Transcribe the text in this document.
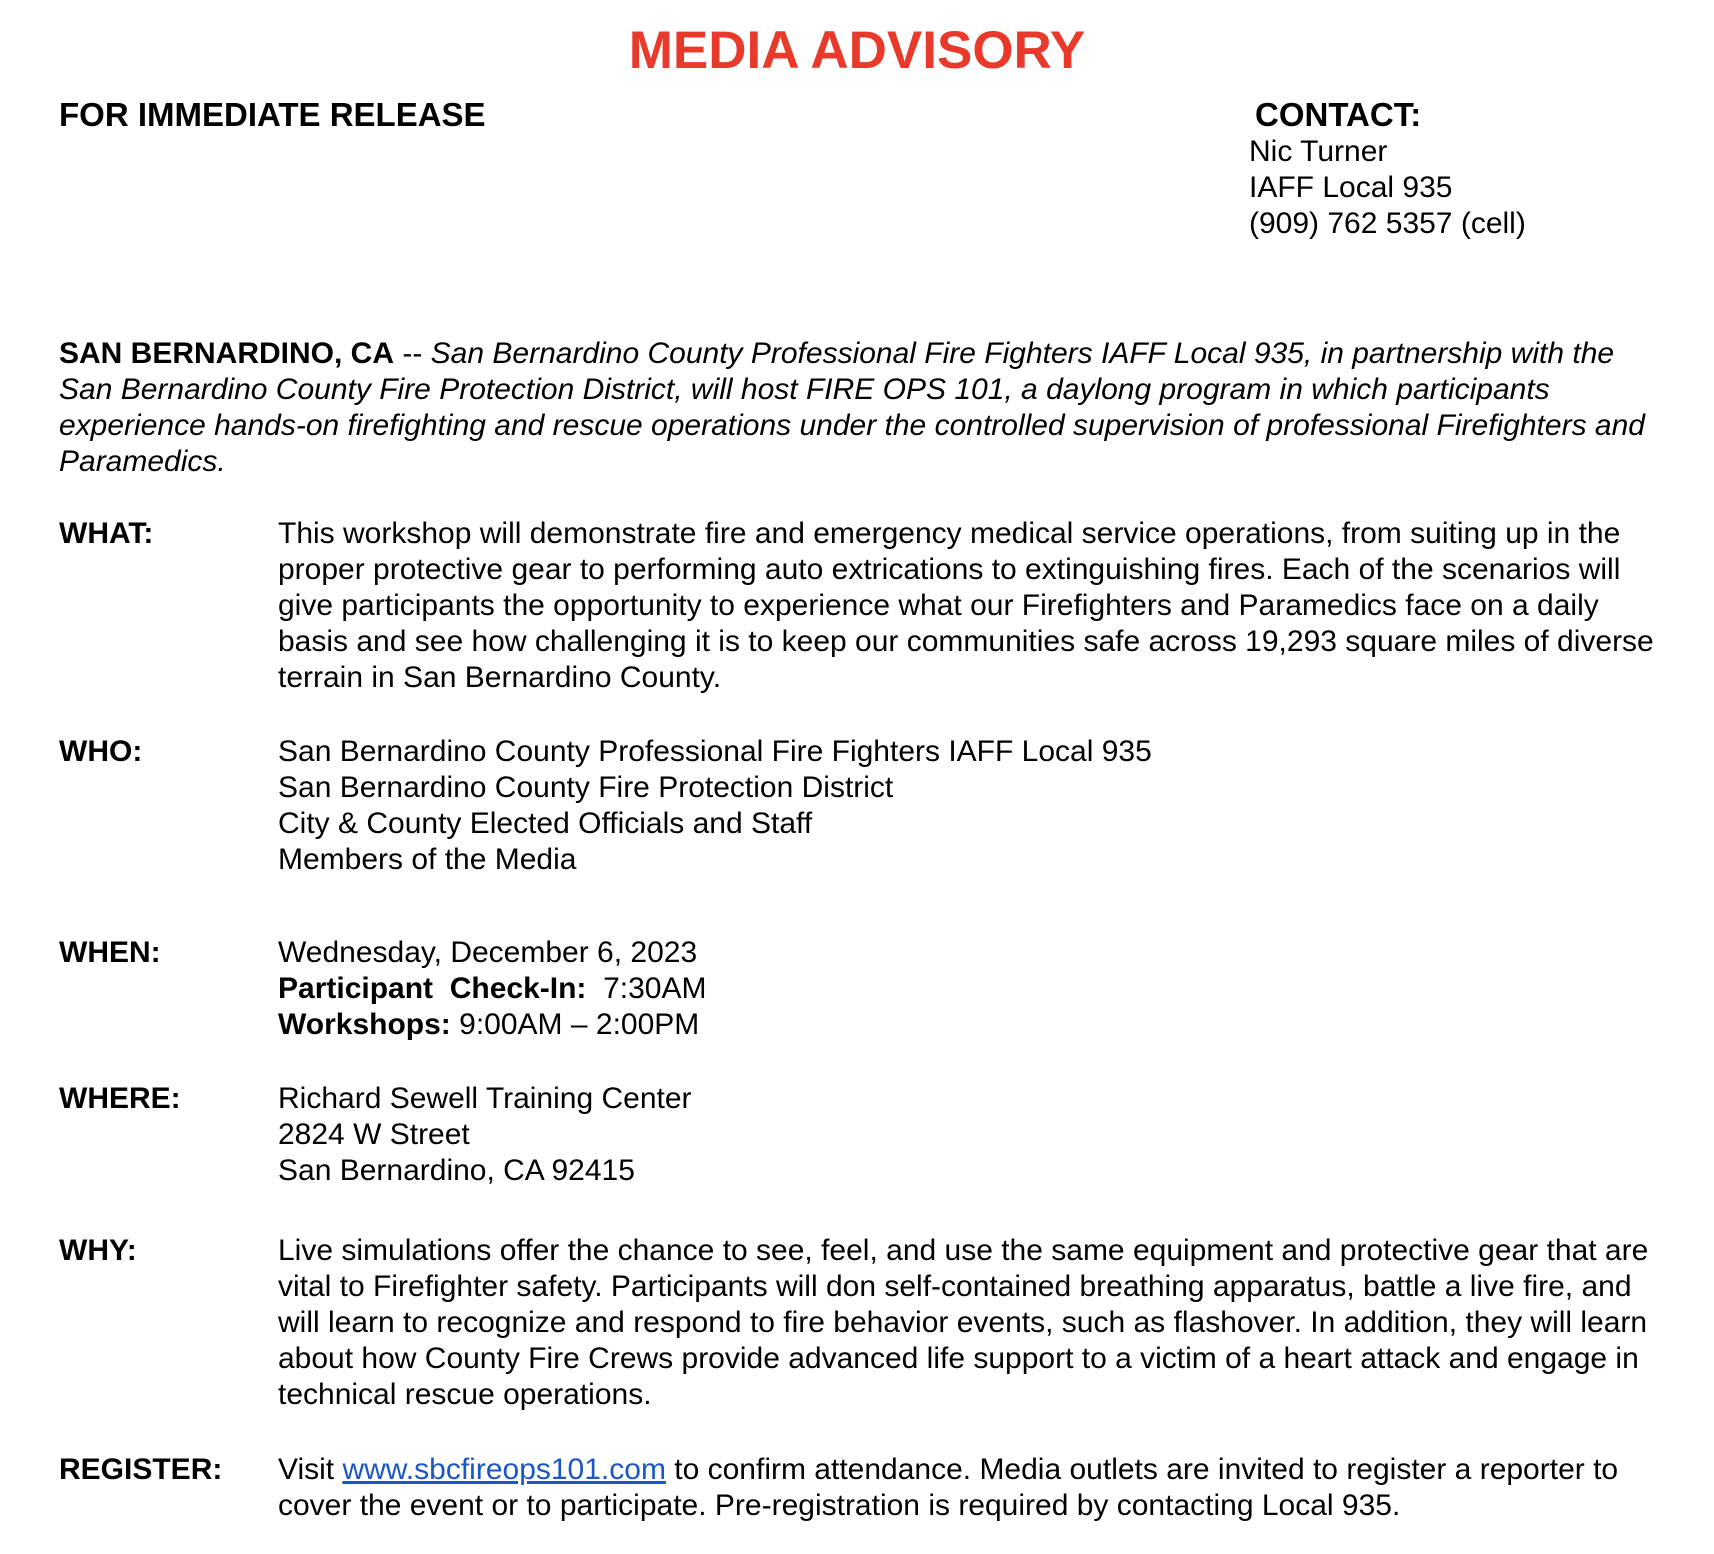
MEDIA ADVISORY
FOR IMMEDIATE RELEASE	CONTACT:
Nic Turner
IAFF Local 935
(909) 762 5357 (cell)
SAN BERNARDINO, CA -- San Bernardino County Professional Fire Fighters IAFF Local 935, in partnership with the San Bernardino County Fire Protection District, will host FIRE OPS 101, a daylong program in which participants experience hands-on firefighting and rescue operations under the controlled supervision of professional Firefighters and Paramedics.
WHAT:	This workshop will demonstrate fire and emergency medical service operations, from suiting up in the proper protective gear to performing auto extrications to extinguishing fires. Each of the scenarios will give participants the opportunity to experience what our Firefighters and Paramedics face on a daily basis and see how challenging it is to keep our communities safe across 19,293 square miles of diverse terrain in San Bernardino County.
WHO:	San Bernardino County Professional Fire Fighters IAFF Local 935
San Bernardino County Fire Protection District
City & County Elected Officials and Staff
Members of the Media
WHEN:	Wednesday, December 6, 2023
Participant  Check-In: 7:30AM
Workshops: 9:00AM – 2:00PM
WHERE:	Richard Sewell Training Center
2824 W Street
San Bernardino, CA 92415
WHY:	Live simulations offer the chance to see, feel, and use the same equipment and protective gear that are vital to Firefighter safety. Participants will don self-contained breathing apparatus, battle a live fire, and will learn to recognize and respond to fire behavior events, such as flashover. In addition, they will learn about how County Fire Crews provide advanced life support to a victim of a heart attack and engage in technical rescue operations.
REGISTER: Visit www.sbcfireops101.com to confirm attendance. Media outlets are invited to register a reporter to cover the event or to participate. Pre-registration is required by contacting Local 935.
